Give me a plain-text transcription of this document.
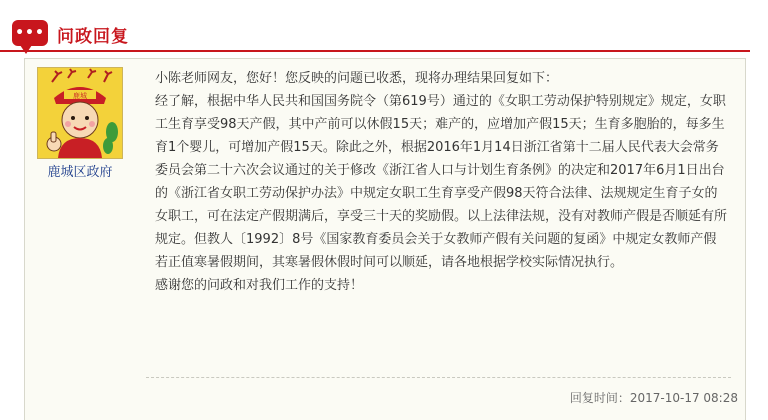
••• 问政回复
鹿城
鹿城区政府

小陈老师网友，您好！您反映的问题已收悉，现将办理结果回复如下：

经了解，根据中华人民共和国国务院令（第619号）通过的《女职工劳动保护特别规定》规定，女职工生育享受98天产假，其中产前可以休假15天；难产的，应增加产假15天；生育多胞胎的，每多生育1个婴儿，可增加产假15天。除此之外，根据2016年1月14日浙江省第十二届人民代表大会常务委员会第二十六次会议通过的关于修改《浙江省人口与计划生育条例》的决定和2017年6月1日出台的《浙江省女职工劳动保护办法》中规定女职工生育享受产假98天符合法律、法规规定生育子女的女职工，可在法定产假期满后，享受三十天的奖励假。以上法律法规，没有对教师产假是否顺延有所规定。但教人〔1992〕8号《国家教育委员会关于女教师产假有关问题的复函》中规定女教师产假若正值寒暑假期间，其寒暑假休假时间可以顺延，请各地根据学校实际情况执行。

感谢您的问政和对我们工作的支持！

回复时间：2017-10-17 08:28
